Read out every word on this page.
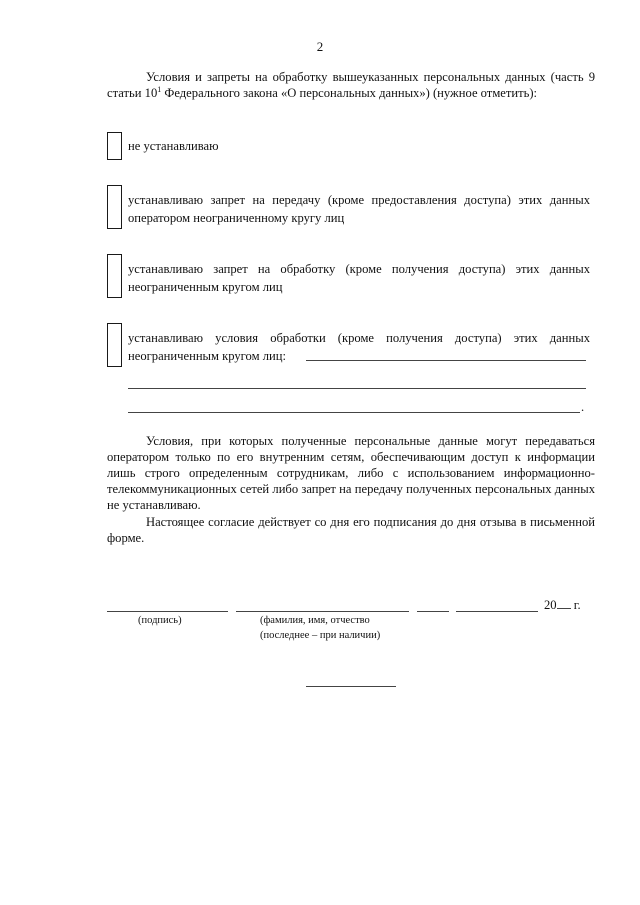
2
Условия и запреты на обработку вышеуказанных персональных данных (часть 9 статьи $10^1$ Федерального закона «О персональных данных») (нужное отметить):
не устанавливаю
устанавливаю запрет на передачу (кроме предоставления доступа) этих данных оператором неограниченному кругу лиц
устанавливаю запрет на обработку (кроме получения доступа) этих данных неограниченным кругом лиц
устанавливаю условия обработки (кроме получения доступа) этих данных неограниченным кругом лиц:
.
Условия, при которых полученные персональные данные могут передаваться оператором только по его внутренним сетям, обеспечивающим доступ к информации лишь строго определенным сотрудникам, либо с использованием информационно-телекоммуникационных сетей либо запрет на передачу полученных персональных данных не устанавливаю.
Настоящее согласие действует со дня его подписания до дня отзыва в письменной форме.
20 г.
(подпись)	(фамилия, имя, отчество
(последнее – при наличии)
